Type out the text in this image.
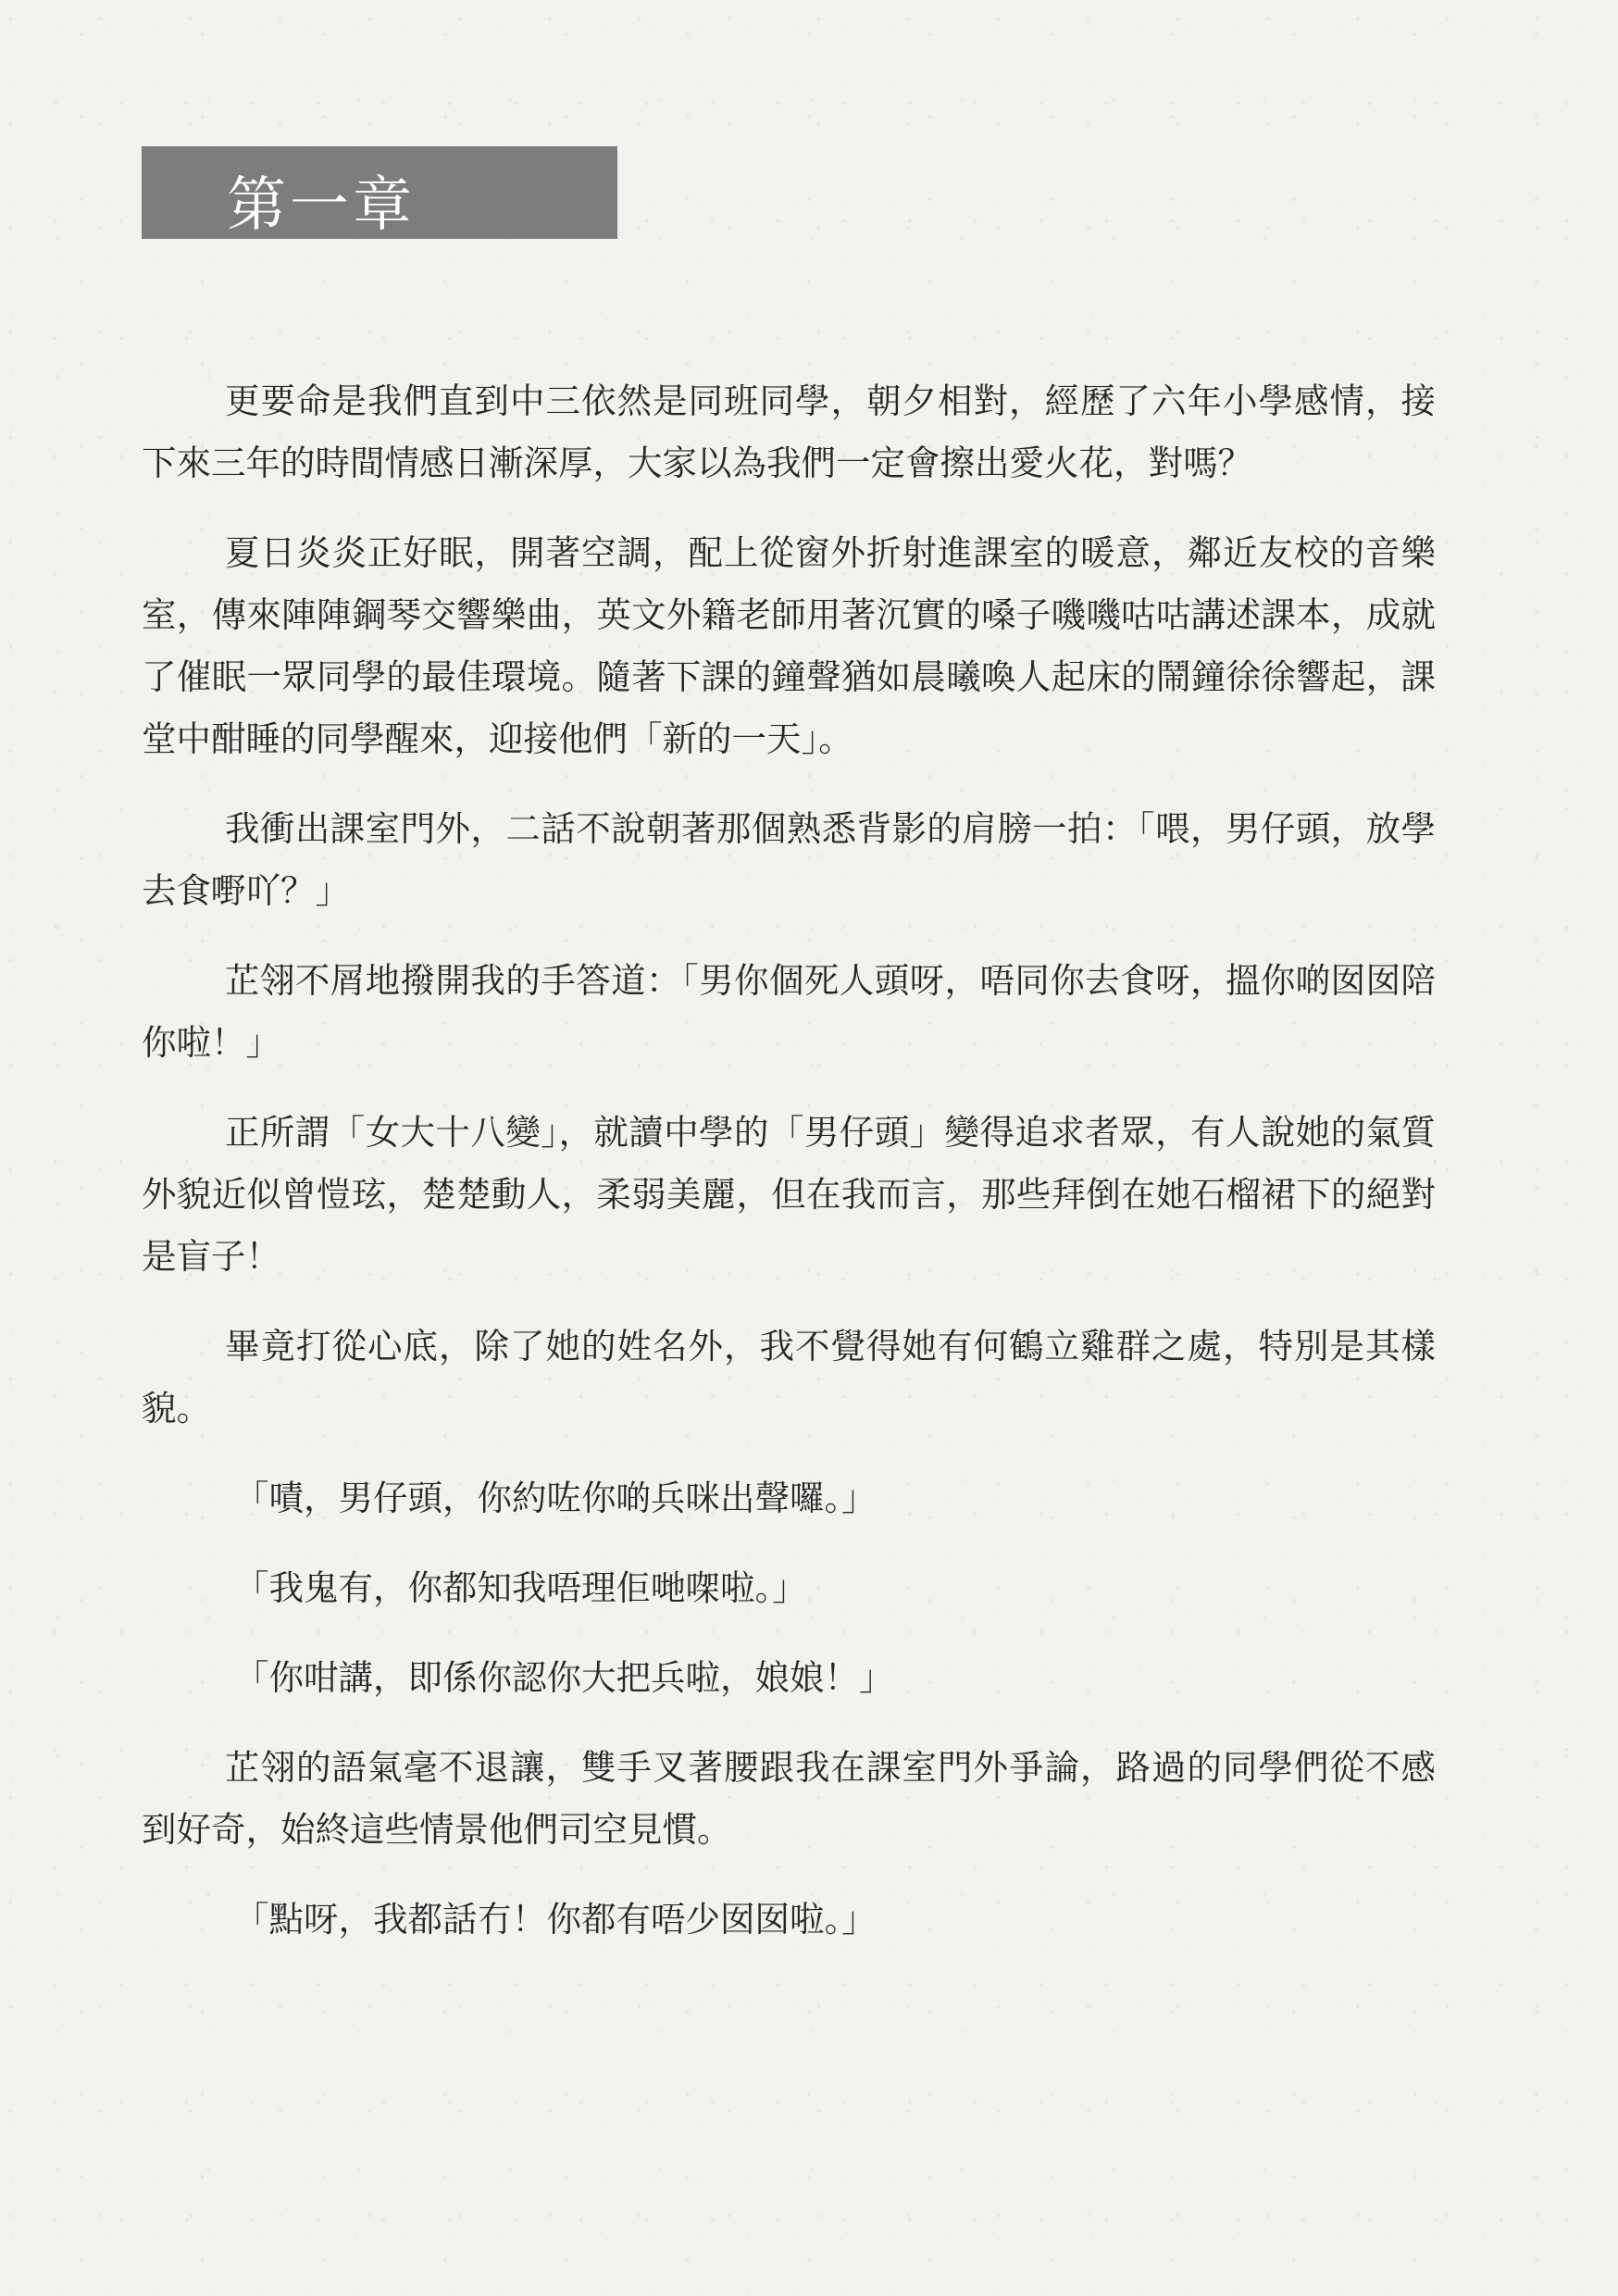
第一章

更要命是我們直到中三依然是同班同學，朝夕相對，經歷了六年小學感情，接下來三年的時間情感日漸深厚，大家以為我們一定會擦出愛火花，對嗎？

夏日炎炎正好眠，開著空調，配上從窗外折射進課室的暖意，鄰近友校的音樂室，傳來陣陣鋼琴交響樂曲，英文外籍老師用著沉實的嗓子嘰嘰咕咕講述課本，成就了催眠一眾同學的最佳環境。隨著下課的鐘聲猶如晨曦喚人起床的鬧鐘徐徐響起，課堂中酣睡的同學醒來，迎接他們「新的一天」。

我衝出課室門外，二話不說朝著那個熟悉背影的肩膀一拍：「喂，男仔頭，放學去食嘢吖？」

芷翎不屑地撥開我的手答道：「男你個死人頭呀，唔同你去食呀，搵你啲囡囡陪你啦！」

正所謂「女大十八變」，就讀中學的「男仔頭」變得追求者眾，有人說她的氣質外貌近似曾愷玹，楚楚動人，柔弱美麗，但在我而言，那些拜倒在她石榴裙下的絕對是盲子！

畢竟打從心底，除了她的姓名外，我不覺得她有何鶴立雞群之處，特別是其樣貌。

「嘖，男仔頭，你約咗你啲兵咪出聲囉。」

「我鬼有，你都知我唔理佢哋㗎啦。」

「你咁講，即係你認你大把兵啦，娘娘！」

芷翎的語氣毫不退讓，雙手叉著腰跟我在課室門外爭論，路過的同學們從不感到好奇，始終這些情景他們司空見慣。

「點呀，我都話冇！你都有唔少囡囡啦。」
